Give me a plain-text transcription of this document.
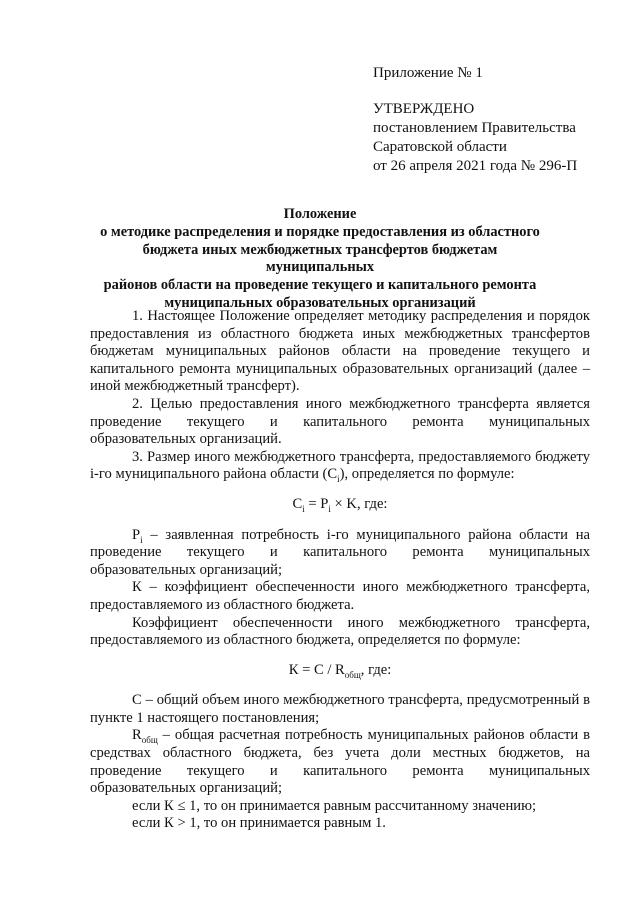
Приложение № 1
УТВЕРЖДЕНО
постановлением Правительства
Саратовской области
от 26 апреля 2021 года № 296-П
Положение
о методике распределения и порядке предоставления из областного
бюджета иных межбюджетных трансфертов бюджетам муниципальных
районов области на проведение текущего и капитального ремонта
муниципальных образовательных организаций

1. Настоящее Положение определяет методику распределения и порядок предоставления из областного бюджета иных межбюджетных трансфертов бюджетам муниципальных районов области на проведение текущего и капитального ремонта муниципальных образовательных организаций (далее – иной межбюджетный трансферт).

2. Целью предоставления иного межбюджетного трансферта является проведение текущего и капитального ремонта муниципальных образовательных организаций.

3. Размер иного межбюджетного трансферта, предоставляемого бюджету i-го муниципального района области $(C_i)$, определяется по формуле:

$C_i = P_i \times K$, где:

$P_i$ – заявленная потребность i-го муниципального района области на проведение текущего и капитального ремонта муниципальных образовательных организаций;

К – коэффициент обеспеченности иного межбюджетного трансферта, предоставляемого из областного бюджета.

Коэффициент обеспеченности иного межбюджетного трансферта, предоставляемого из областного бюджета, определяется по формуле:

$К = С / R_{общ}$, где:

С – общий объем иного межбюджетного трансферта, предусмотренный в пункте 1 настоящего постановления;

$R_{общ}$ – общая расчетная потребность муниципальных районов области в средствах областного бюджета, без учета доли местных бюджетов, на проведение текущего и капитального ремонта муниципальных образовательных организаций;

если К ≤ 1, то он принимается равным рассчитанному значению;

если К > 1, то он принимается равным 1.
